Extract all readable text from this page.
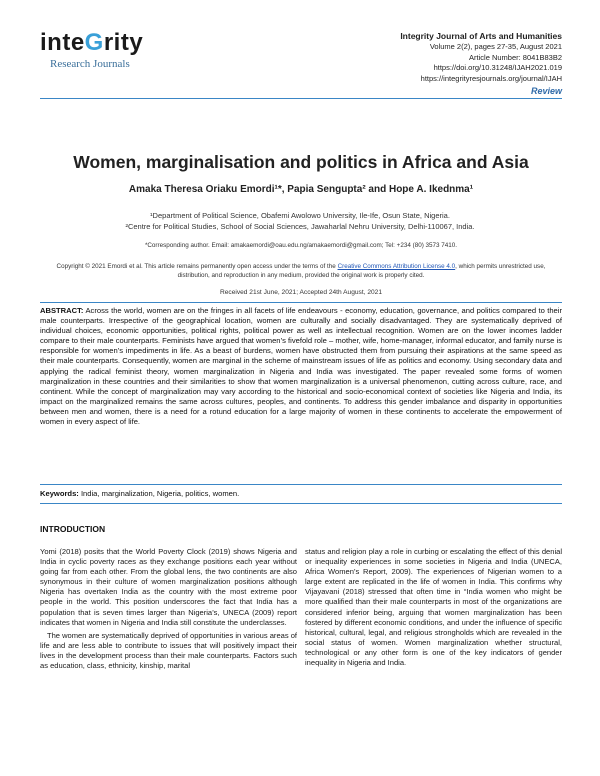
inteGrity
Research Journals
Integrity Journal of Arts and Humanities
Volume 2(2), pages 27-35, August 2021
Article Number: 8041B83B2
https://doi.org/10.31248/IJAH2021.019
https://integrityresjournals.org/journal/IJAH
Review
Women, marginalisation and politics in Africa and Asia
Amaka Theresa Oriaku Emordi¹*, Papia Sengupta² and Hope A. Ikednma¹
¹Department of Political Science, Obafemi Awolowo University, Ile-Ife, Osun State, Nigeria.
²Centre for Political Studies, School of Social Sciences, Jawaharlal Nehru University, Delhi-110067, India.
*Corresponding author. Email: amakaemordi@oau.edu.ng/amakaemordi@gmail.com; Tel: +234 (80) 3573 7410.
Copyright © 2021 Emordi et al. This article remains permanently open access under the terms of the Creative Commons Attribution License 4.0, which permits unrestricted use, distribution, and reproduction in any medium, provided the original work is properly cited.
Received 21st June, 2021; Accepted 24th August, 2021
ABSTRACT: Across the world, women are on the fringes in all facets of life endeavours - economy, education, governance, and politics compared to their male counterparts. Irrespective of the geographical location, women are culturally and socially disadvantaged. They are systematically deprived of individual choices, economic opportunities, political rights, political power as well as intellectual recognition. Women are on the lower incomes ladder compare to their male counterparts. Feminists have argued that women’s fivefold role – mother, wife, home-manager, informal educator, and family nurse is responsible for women’s impediments in life. As a beast of burdens, women have obstructed them from pursuing their aspirations at the same speed as their male counterparts. Consequently, women are marginal in the scheme of mainstream issues of life as politics and economy. Using secondary data and applying the radical feminist theory, women marginalization in Nigeria and India was investigated. The paper revealed some forms of women marginalization in these countries and their similarities to show that women marginalization is a universal phenomenon, cutting across culture, race, and continent. While the concept of marginalization may vary according to the historical and socio-economical context of societies like Nigeria and India, its impact on the marginalized remains the same across cultures, peoples, and continents. To address this gender imbalance and disparity in opportunities between men and women, there is a need for a rotund education for a large majority of women in these continents to accelerate the empowerment of women in every aspect of life.
Keywords: India, marginalization, Nigeria, politics, women.
INTRODUCTION

Yomi (2018) posits that the World Poverty Clock (2019) shows Nigeria and India in cyclic poverty races as they exchange positions each year without going far from each other. From the global lens, the two continents are also synonymous in their culture of women marginalization positions although Nigeria has overtaken India as the country with the most extreme poor people in the world. This position underscores the fact that India has a population that is seven times larger than Nigeria’s, UNECA (2009) report indicates that women in Nigeria and India still constitute the underclasses.

The women are systematically deprived of opportunities in various areas of life and are less able to contribute to issues that will positively impact their lives in the development process than their male counterparts. Factors such as education, class, ethnicity, kinship, marital

status and religion play a role in curbing or escalating the effect of this denial or inequality experiences in some societies in Nigeria and India (UNECA, Africa Women’s Report, 2009). The experiences of Nigerian women to a large extent are replicated in the life of women in India. This confirms why Vijayavani (2018) stressed that often time in “India women who might be more qualified than their male counterparts in most of the organizations are considered inferior being, arguing that women marginalization has been fostered by different economic conditions, and under the influence of specific historical, cultural, legal, and religious strongholds which are revealed in the social status of women. Women marginalization whether structural, technological or any other form is one of the key indicators of gender inequality in Nigeria and India.
